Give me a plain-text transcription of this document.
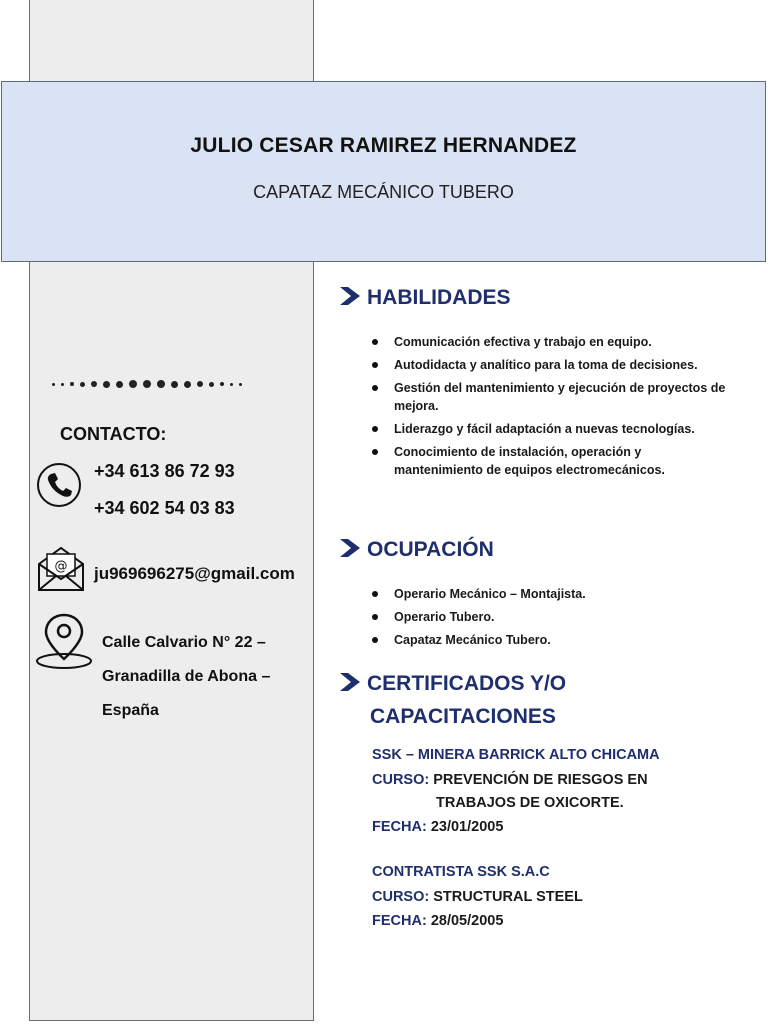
JULIO CESAR RAMIREZ HERNANDEZ
CAPATAZ MECÁNICO TUBERO
CONTACTO:
+34 613 86 72 93
+34 602 54 03 83
@ ju969696275@gmail.com
Calle Calvario N° 22 –
Granadilla de Abona –
España
HABILIDADES
Comunicación efectiva y trabajo en equipo.
Autodidacta y analítico para la toma de decisiones.
Gestión del mantenimiento y ejecución de proyectos de mejora.
Liderazgo y fácil adaptación a nuevas tecnologías.
Conocimiento de instalación, operación y mantenimiento de equipos electromecánicos.
OCUPACIÓN
Operario Mecánico – Montajista.
Operario Tubero.
Capataz Mecánico Tubero.
CERTIFICADOS Y/O
CAPACITACIONES
SSK – MINERA BARRICK ALTO CHICAMA
CURSO: PREVENCIÓN DE RIESGOS EN
TRABAJOS DE OXICORTE.
FECHA: 23/01/2005
CONTRATISTA SSK S.A.C
CURSO: STRUCTURAL STEEL
FECHA: 28/05/2005
